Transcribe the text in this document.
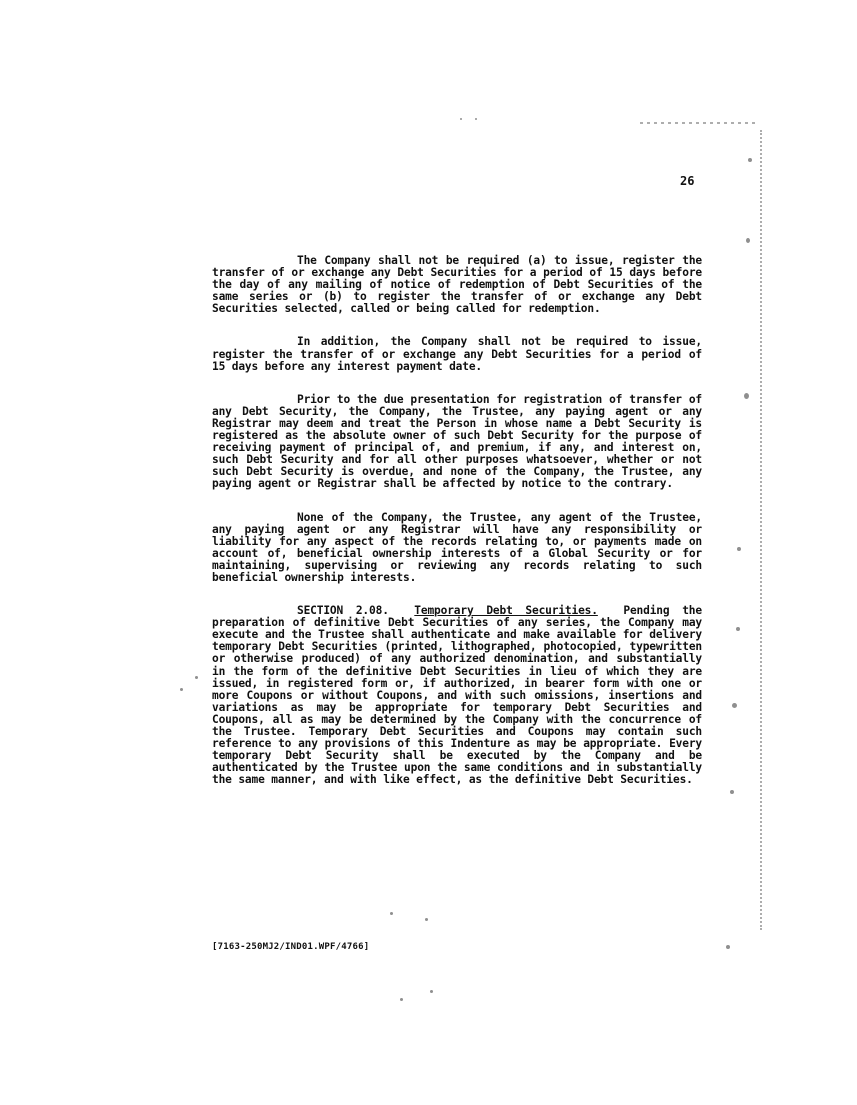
26

The Company shall not be required (a) to issue, register the transfer of or exchange any Debt Securities for a period of 15 days before the day of any mailing of notice of redemption of Debt Securities of the same series or (b) to register the transfer of or exchange any Debt Securities selected, called or being called for redemption.

In addition, the Company shall not be required to issue, register the transfer of or exchange any Debt Securities for a period of 15 days before any interest payment date.

Prior to the due presentation for registration of transfer of any Debt Security, the Company, the Trustee, any paying agent or any Registrar may deem and treat the Person in whose name a Debt Security is registered as the absolute owner of such Debt Security for the purpose of receiving payment of principal of, and premium, if any, and interest on, such Debt Security and for all other purposes whatsoever, whether or not such Debt Security is overdue, and none of the Company, the Trustee, any paying agent or Registrar shall be affected by notice to the contrary.

None of the Company, the Trustee, any agent of the Trustee, any paying agent or any Registrar will have any responsibility or liability for any aspect of the records relating to, or payments made on account of, beneficial ownership interests of a Global Security or for maintaining, supervising or reviewing any records relating to such beneficial ownership interests.

SECTION 2.08. Temporary Debt Securities. Pending the preparation of definitive Debt Securities of any series, the Company may execute and the Trustee shall authenticate and make available for delivery temporary Debt Securities (printed, lithographed, photocopied, typewritten or otherwise produced) of any authorized denomination, and substantially in the form of the definitive Debt Securities in lieu of which they are issued, in registered form or, if authorized, in bearer form with one or more Coupons or without Coupons, and with such omissions, insertions and variations as may be appropriate for temporary Debt Securities and Coupons, all as may be determined by the Company with the concurrence of the Trustee. Temporary Debt Securities and Coupons may contain such reference to any provisions of this Indenture as may be appropriate. Every temporary Debt Security shall be executed by the Company and be authenticated by the Trustee upon the same conditions and in substantially the same manner, and with like effect, as the definitive Debt Securities.

[7163-250MJ2/IND01.WPF/4766]
